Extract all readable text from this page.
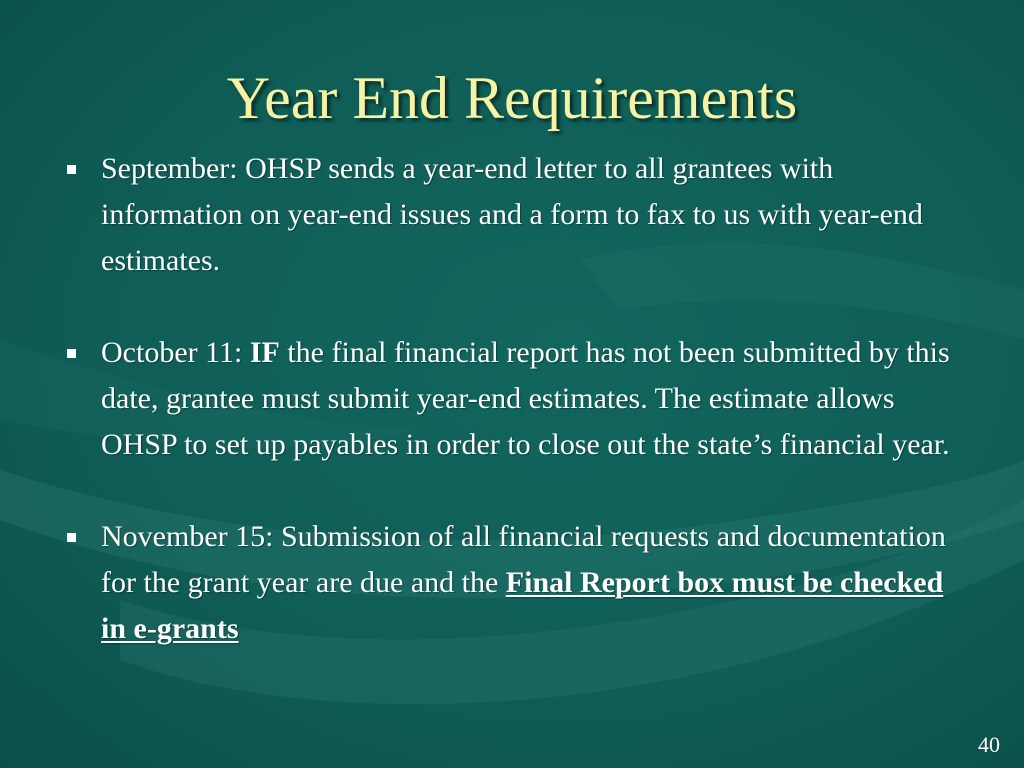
Year End Requirements
September: OHSP sends a year-end letter to all grantees with information on year-end issues and a form to fax to us with year-end estimates.
October 11: IF the final financial report has not been submitted by this date, grantee must submit year-end estimates. The estimate allows OHSP to set up payables in order to close out the state’s financial year.
November 15: Submission of all financial requests and documentation for the grant year are due and the Final Report box must be checked in e-grants
40
